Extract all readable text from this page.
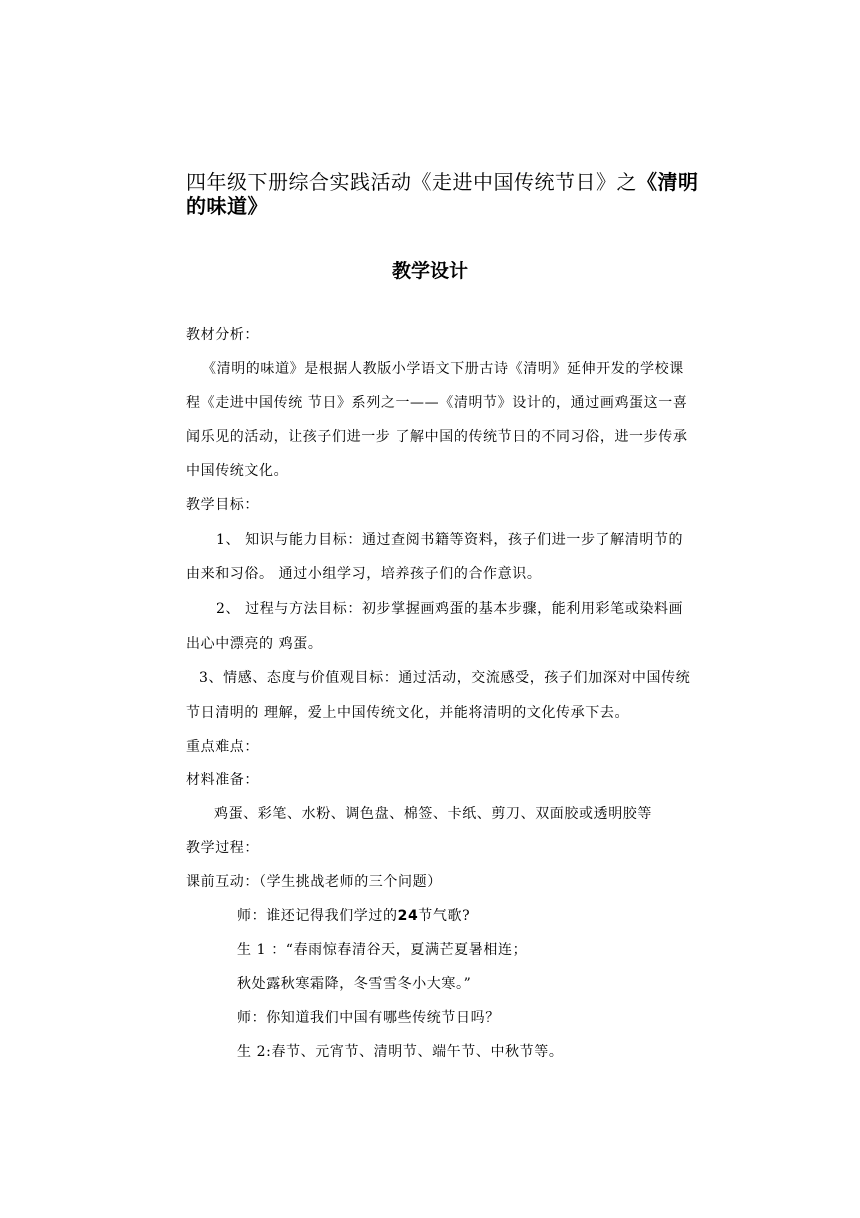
四年级下册综合实践活动《走进中国传统节日》之《清明

的味道》

教学设计

教材分析：

《清明的味道》是根据人教版小学语文下册古诗《清明》延伸开发的学校课

程《走进中国传统 节日》系列之一——《清明节》设计的，通过画鸡蛋这一喜

闻乐见的活动，让孩子们进一步 了解中国的传统节日的不同习俗，进一步传承

中国传统文化。

教学目标：

1、 知识与能力目标：通过查阅书籍等资料，孩子们进一步了解清明节的

由来和习俗。 通过小组学习，培养孩子们的合作意识。

2、 过程与方法目标：初步掌握画鸡蛋的基本步骤，能利用彩笔或染料画

出心中漂亮的 鸡蛋。

3、情感、态度与价值观目标：通过活动，交流感受，孩子们加深对中国传统

节日清明的 理解，爱上中国传统文化，并能将清明的文化传承下去。

重点难点：

材料准备：

鸡蛋、彩笔、水粉、调色盘、棉签、卡纸、剪刀、双面胶或透明胶等

教学过程：

课前互动：（学生挑战老师的三个问题）

师：谁还记得我们学过的24节气歌?

生 1 ：“春雨惊春清谷天，夏满芒夏暑相连；

秋处露秋寒霜降，冬雪雪冬小大寒。”

师：你知道我们中国有哪些传统节日吗？

生 2:春节、元宵节、清明节、端午节、中秋节等。
